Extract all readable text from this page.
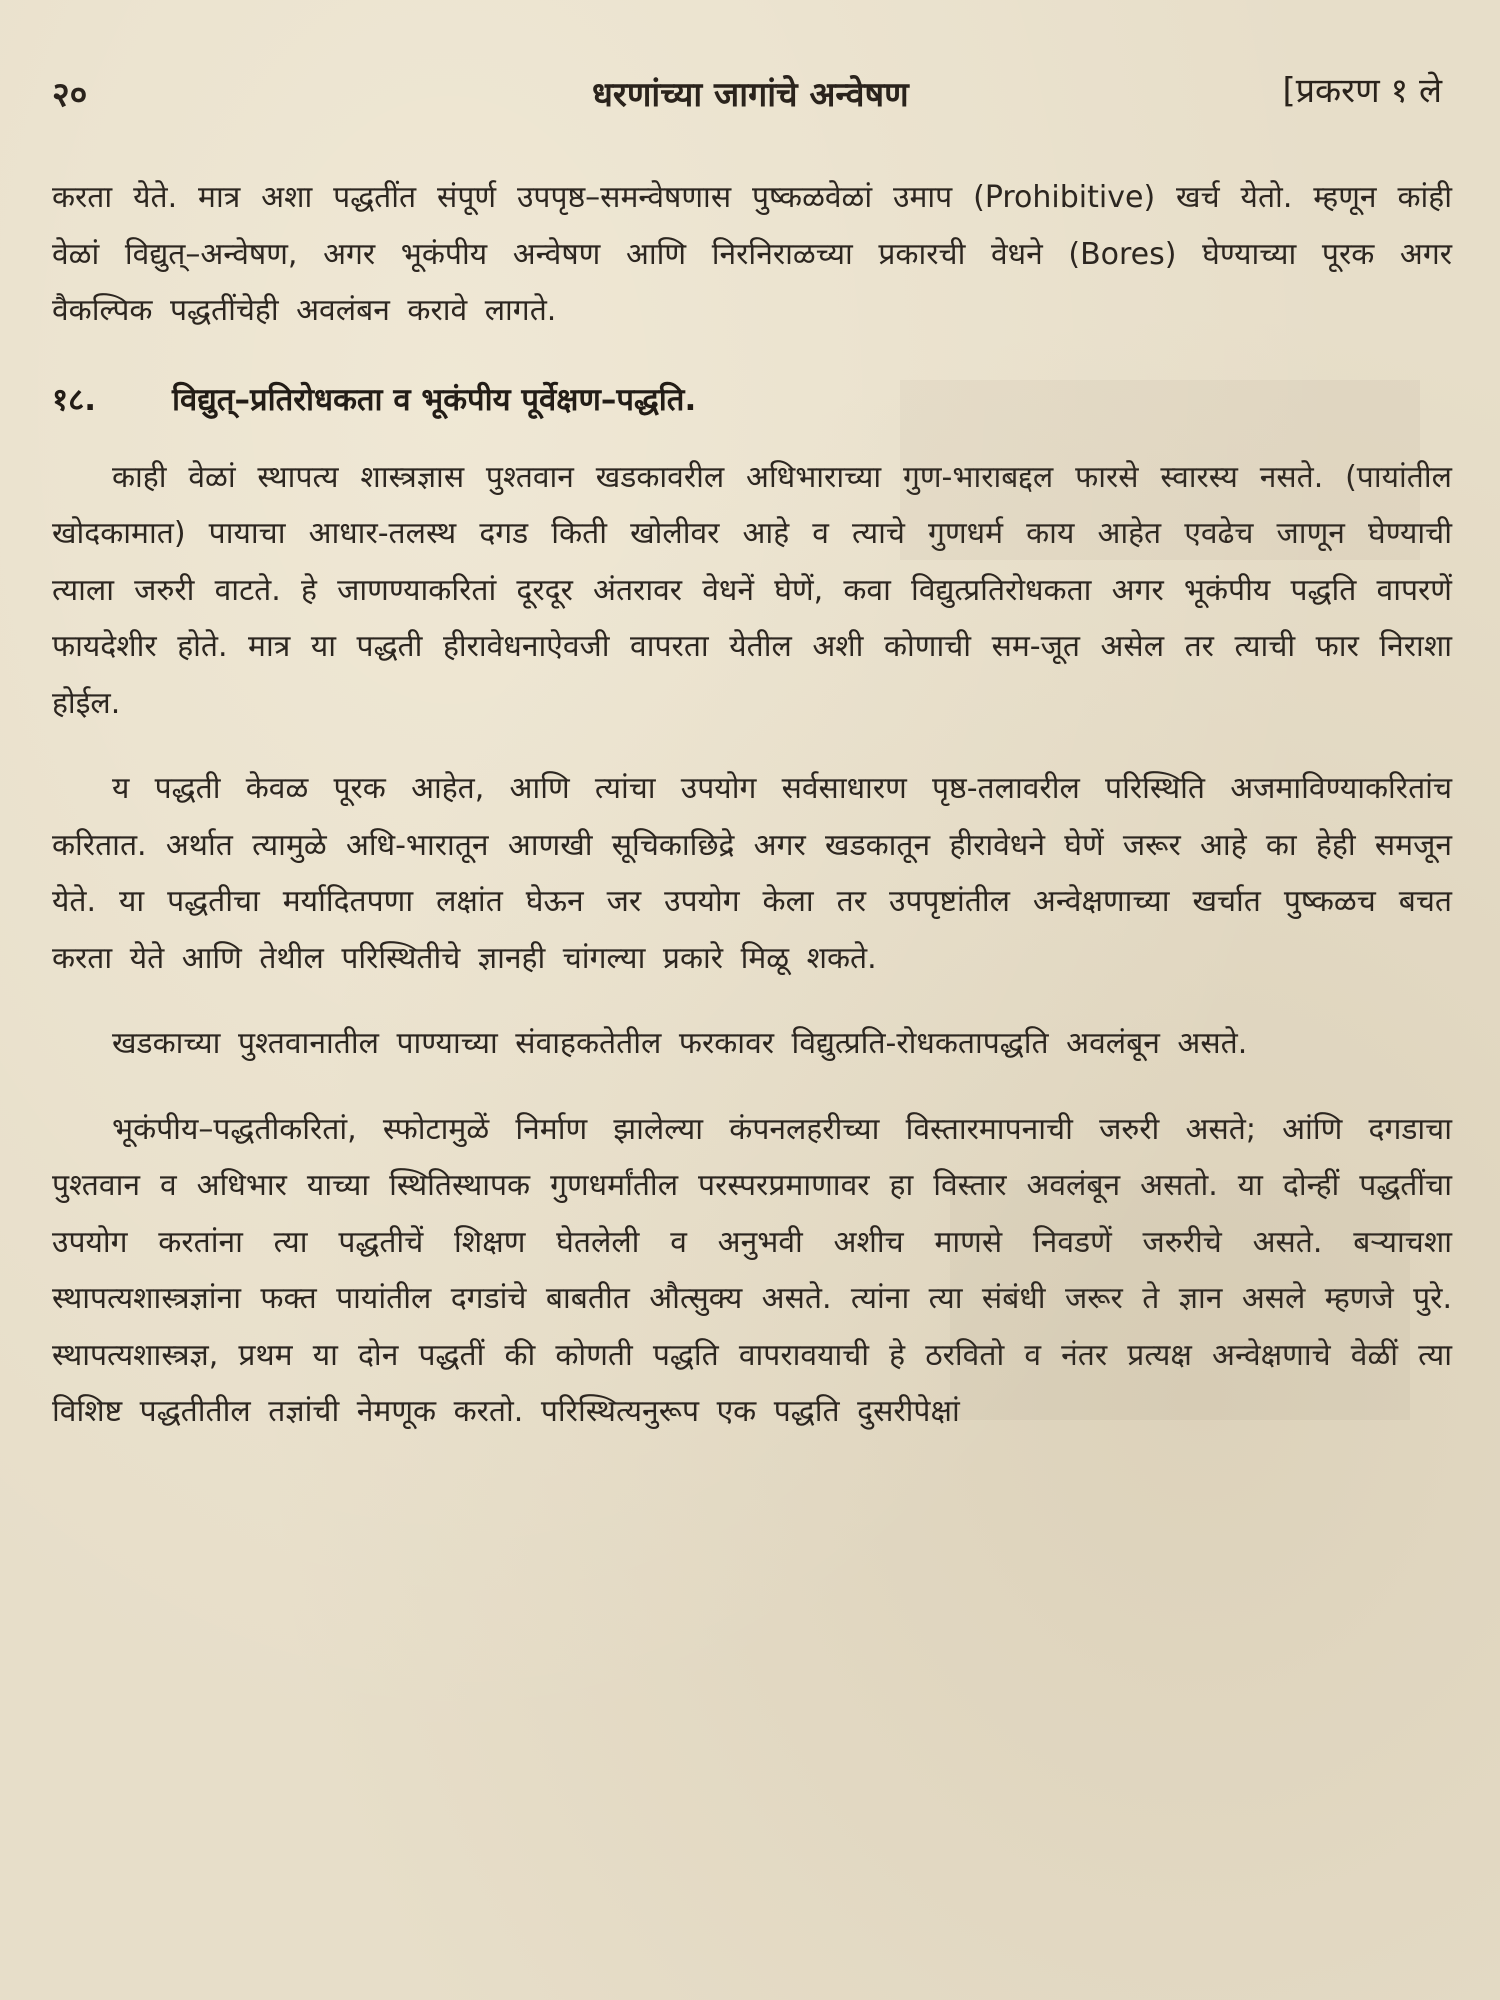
२०	धरणांच्या जागांचे अन्वेषण	[प्रकरण १ ले

करता येते. मात्र अशा पद्धतींत संपूर्ण उपपृष्ठ–समन्वेषणास पुष्कळवेळां उमाप (Prohibitive) खर्च येतो. म्हणून कांही वेळां विद्युत्–अन्वेषण, अगर भूकंपीय अन्वेषण आणि निरनिराळच्या प्रकारची वेधने (Bores) घेण्याच्या पूरक अगर वैकल्पिक पद्धतींचेही अवलंबन करावे लागते.

१८. विद्युत्–प्रतिरोधकता व भूकंपीय पूर्वेक्षण–पद्धति.

काही वेळां स्थापत्य शास्त्रज्ञास पुश्तवान खडकावरील अधिभाराच्या गुण-भाराबद्दल फारसे स्वारस्य नसते. (पायांतील खोदकामात) पायाचा आधार-तलस्थ दगड किती खोलीवर आहे व त्याचे गुणधर्म काय आहेत एवढेच जाणून घेण्याची त्याला जरुरी वाटते. हे जाणण्याकरितां दूरदूर अंतरावर वेधनें घेणें, कवा विद्युत्प्रतिरोधकता अगर भूकंपीय पद्धति वापरणें फायदेशीर होते. मात्र या पद्धती हीरावेधनाऐवजी वापरता येतील अशी कोणाची सम-जूत असेल तर त्याची फार निराशा होईल.

य पद्धती केवळ पूरक आहेत, आणि त्यांचा उपयोग सर्वसाधारण पृष्ठ-तलावरील परिस्थिति अजमाविण्याकरितांच करितात. अर्थात त्यामुळे अधि-भारातून आणखी सूचिकाछिद्रे अगर खडकातून हीरावेधने घेणें जरूर आहे का हेही समजून येते. या पद्धतीचा मर्यादितपणा लक्षांत घेऊन जर उपयोग केला तर उपपृष्टांतील अन्वेक्षणाच्या खर्चात पुष्कळच बचत करता येते आणि तेथील परिस्थितीचे ज्ञानही चांगल्या प्रकारे मिळू शकते.

खडकाच्या पुश्तवानातील पाण्याच्या संवाहकतेतील फरकावर विद्युत्प्रति-रोधकतापद्धति अवलंबून असते.

भूकंपीय–पद्धतीकरितां, स्फोटामुळें निर्माण झालेल्या कंपनलहरीच्या विस्तारमापनाची जरुरी असते; आंणि दगडाचा पुश्तवान व अधिभार याच्या स्थितिस्थापक गुणधर्मांतील परस्परप्रमाणावर हा विस्तार अवलंबून असतो. या दोन्हीं पद्धतींचा उपयोग करतांना त्या पद्धतीचें शिक्षण घेतलेली व अनुभवी अशीच माणसे निवडणें जरुरीचे असते. बऱ्याचशा स्थापत्यशास्त्रज्ञांना फक्त पायांतील दगडांचे बाबतीत औत्सुक्य असते. त्यांना त्या संबंधी जरूर ते ज्ञान असले म्हणजे पुरे. स्थापत्यशास्त्रज्ञ, प्रथम या दोन पद्धतीं की कोणती पद्धति वापरावयाची हे ठरवितो व नंतर प्रत्यक्ष अन्वेक्षणाचे वेळीं त्या विशिष्ट पद्धतीतील तज्ञांची नेमणूक करतो. परिस्थित्यनुरूप एक पद्धति दुसरीपेक्षां
